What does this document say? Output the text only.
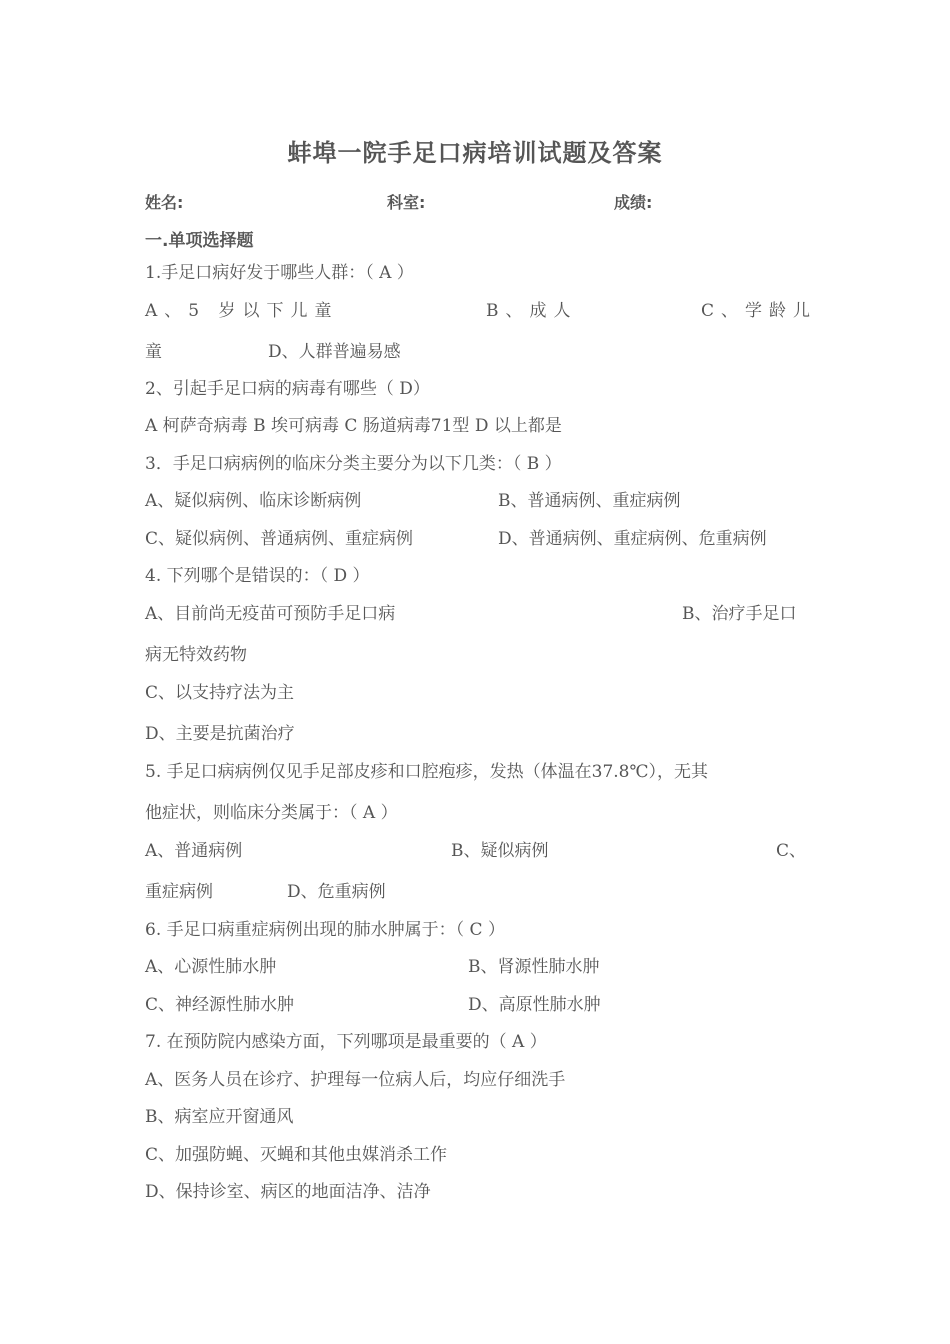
蚌埠一院手足口病培训试题及答案
姓名:	科室:	成绩:
一.单项选择题
1.手足口病好发于哪些人群：（ A ）
A、5 岁以下儿童	B、成人	C、学龄儿
童	D、人群普遍易感
2、引起手足口病的病毒有哪些（ D）
A 柯萨奇病毒 B 埃可病毒 C 肠道病毒71型 D 以上都是
3．手足口病病例的临床分类主要分为以下几类：（ B ）
A、疑似病例、临床诊断病例	B、普通病例、重症病例
C、疑似病例、普通病例、重症病例	D、普通病例、重症病例、危重病例
4. 下列哪个是错误的：（ D ）
A、目前尚无疫苗可预防手足口病	B、治疗手足口
病无特效药物
C、以支持疗法为主
D、主要是抗菌治疗
5. 手足口病病例仅见手足部皮疹和口腔疱疹，发热（体温在37.8℃），无其
他症状，则临床分类属于：（ A ）
A、普通病例	B、疑似病例	C、
重症病例	D、危重病例
6. 手足口病重症病例出现的肺水肿属于：（ C ）
A、心源性肺水肿	B、肾源性肺水肿
C、神经源性肺水肿	D、高原性肺水肿
7. 在预防院内感染方面，下列哪项是最重要的（ A ）
A、医务人员在诊疗、护理每一位病人后，均应仔细洗手
B、病室应开窗通风
C、加强防蝇、灭蝇和其他虫媒消杀工作
D、保持诊室、病区的地面洁净、洁净
